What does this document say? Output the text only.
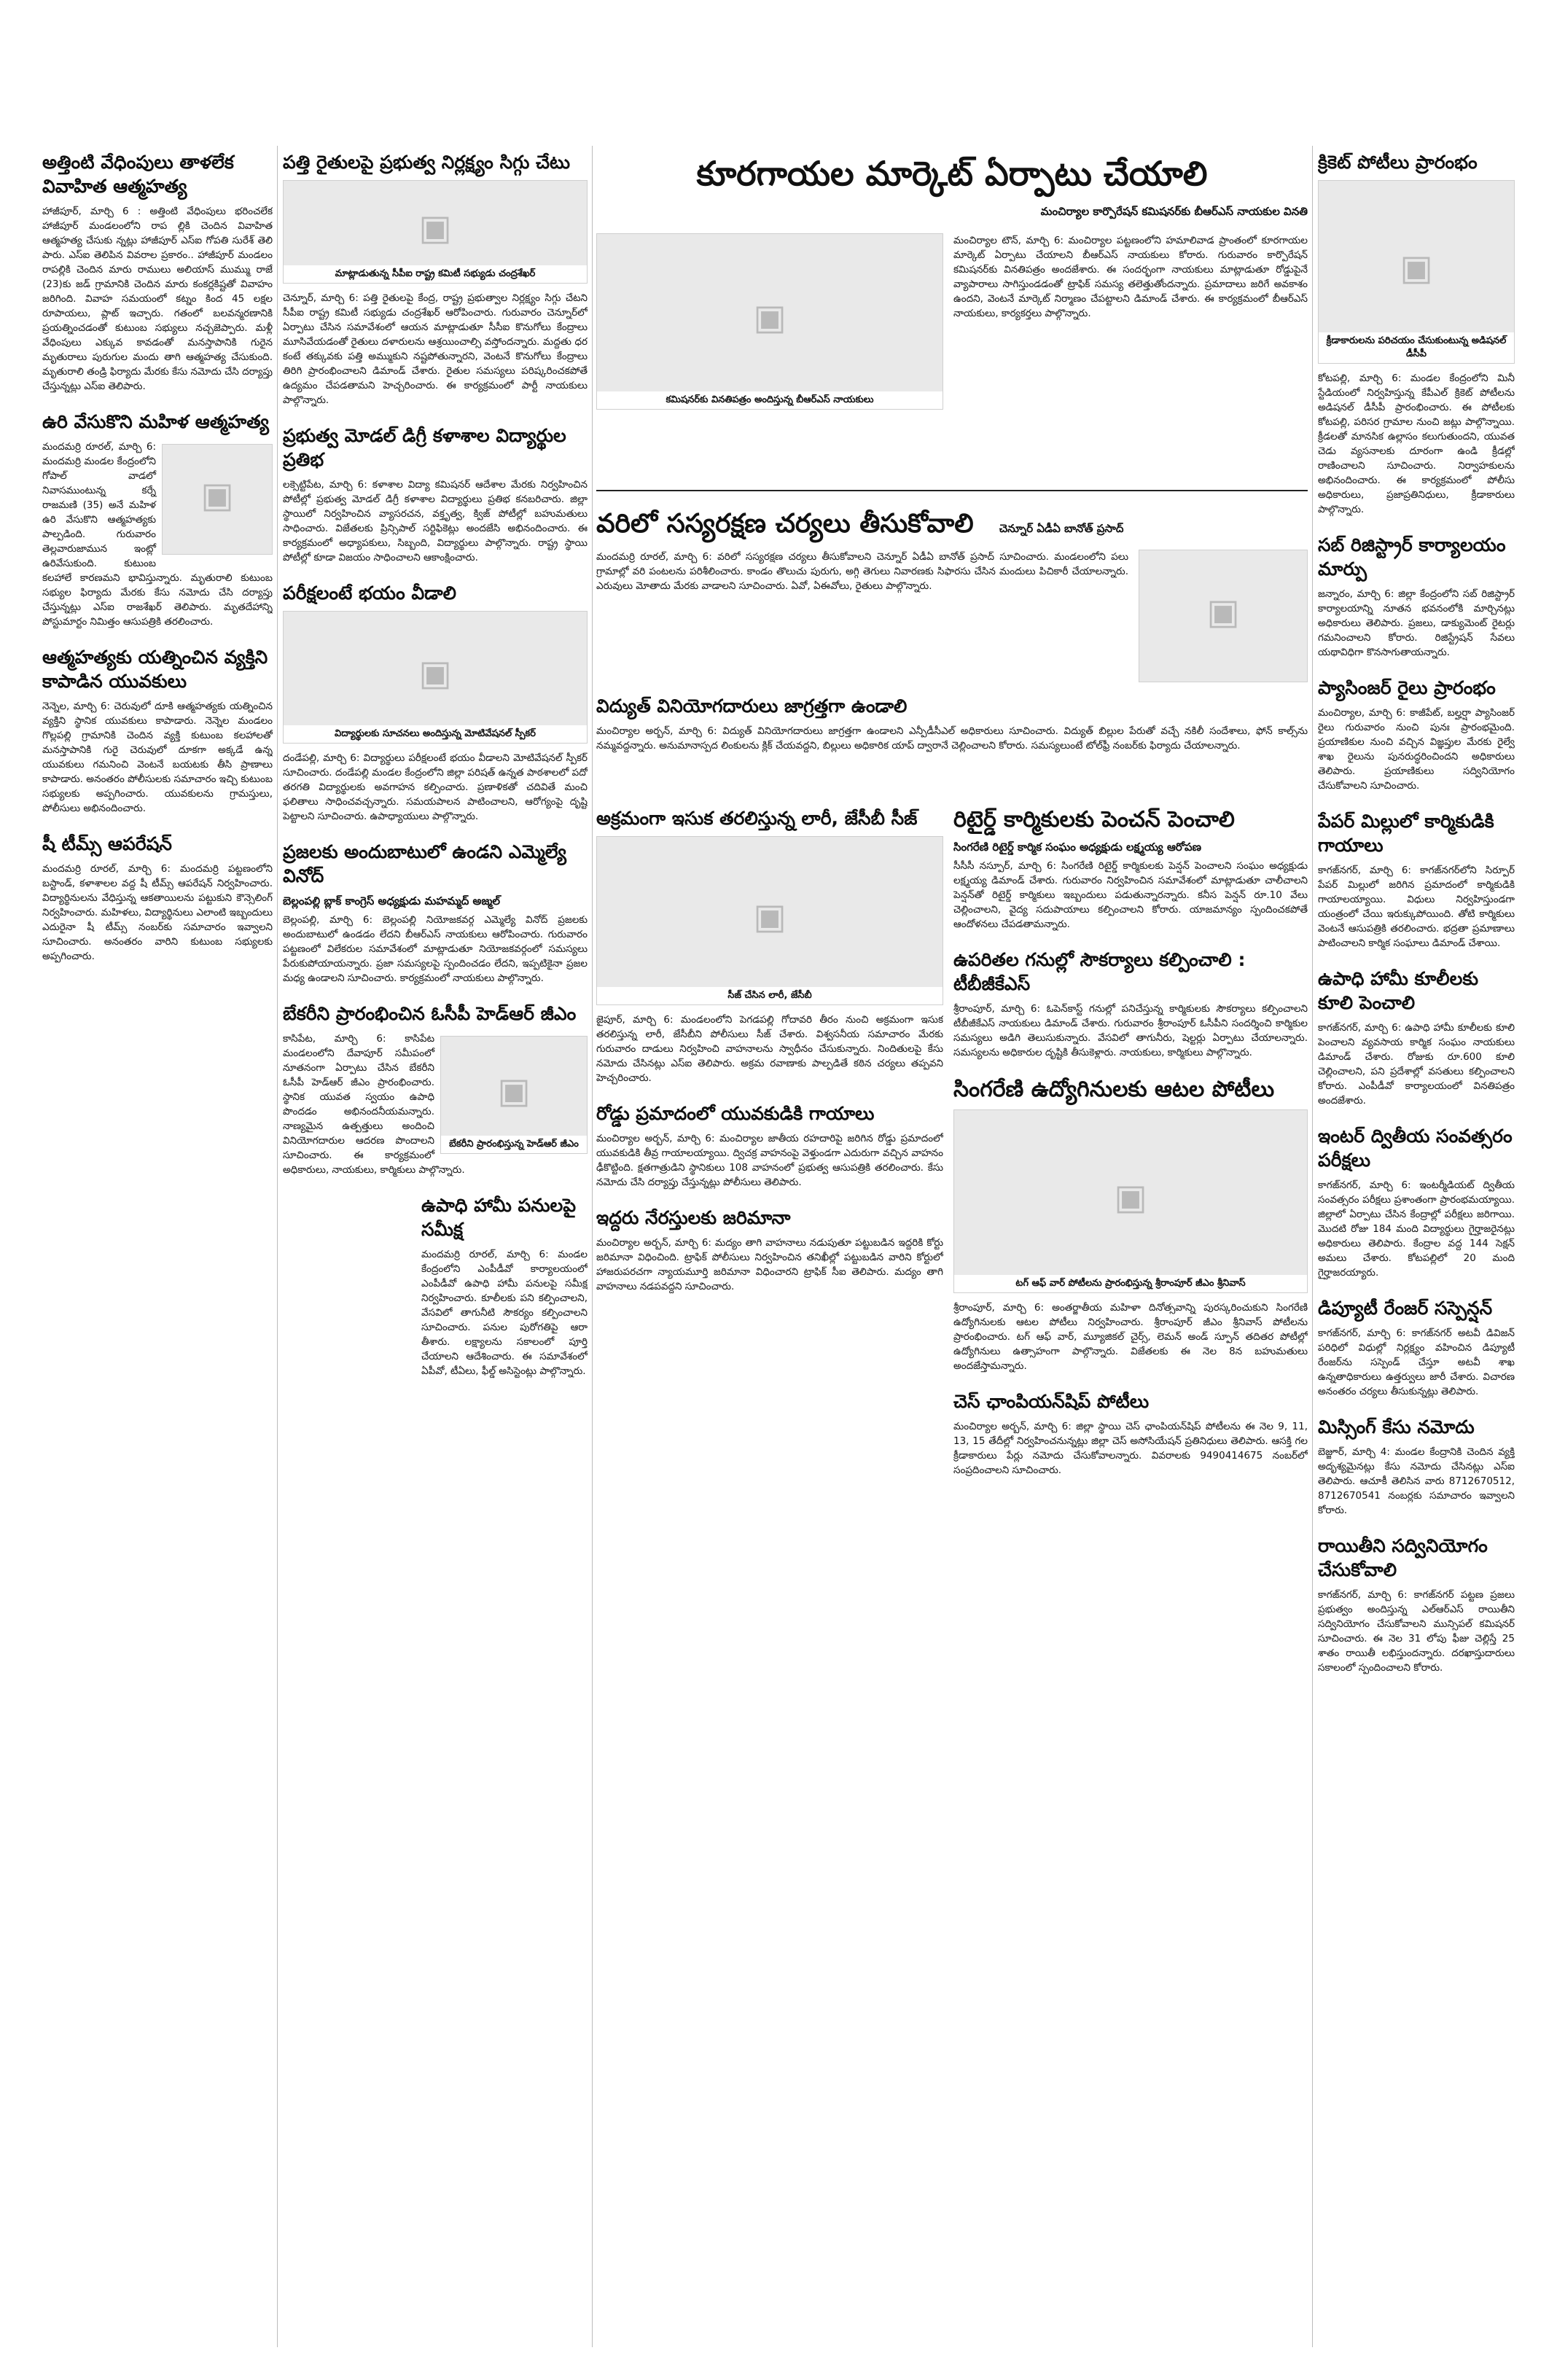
అత్తింటి వేధింపులు తాళలేక వివాహిత ఆత్మహత్య
హాజీపూర్, మార్చి 6 : అత్తింటి వేధింపులు భరించలేక హాజీపూర్ మండలంలోని రాప ల్లికి చెందిన వివాహిత ఆత్మహత్య చేసుకు న్నట్లు హాజీపూర్ ఎస్ఐ గోపతి సురేశ్ తెలి పారు. ఎస్ఐ తెలిపిన వివరాల ప్రకారం.. హాజీపూర్ మండలం రాపల్లికి చెందిన మారు రాములు అలియాస్ ముమ్ము రాజే (23)కు జడ్ గ్రామానికి చెందిన మారు కంకర్లకిష్టతో వివాహం జరిగింది. వివాహ సమయంలో కట్నం కింద 45 లక్షల రూపాయలు, ప్లాట్ ఇచ్చారు. గతంలో బలవన్మరణానికి ప్రయత్నించడంతో కుటుంబ సభ్యులు నచ్చజెప్పారు. మళ్లీ వేధింపులు ఎక్కువ కావడంతో మనస్తాపానికి గురైన మృతురాలు పురుగుల మందు తాగి ఆత్మహత్య చేసుకుంది. మృతురాలి తండ్రి ఫిర్యాదు మేరకు కేసు నమోదు చేసి దర్యాప్తు చేస్తున్నట్లు ఎస్ఐ తెలిపారు.
ఉరి వేసుకొని మహిళ ఆత్మహత్య
▣
మందమర్రి రూరల్, మార్చి 6: మందమర్రి మండల కేంద్రంలోని గోపాల్ వాడలో నివాసముంటున్న కర్నే రాజమణి (35) అనే మహిళ ఉరి వేసుకొని ఆత్మహత్యకు పాల్పడింది. గురువారం తెల్లవారుజామున ఇంట్లో ఉరివేసుకుంది. కుటుంబ కలహాలే కారణమని భావిస్తున్నారు. మృతురాలి కుటుంబ సభ్యుల ఫిర్యాదు మేరకు కేసు నమోదు చేసి దర్యాప్తు చేస్తున్నట్లు ఎస్ఐ రాజశేఖర్ తెలిపారు. మృతదేహాన్ని పోస్టుమార్టం నిమిత్తం ఆసుపత్రికి తరలించారు.
ఆత్మహత్యకు యత్నించిన వ్యక్తిని కాపాడిన యువకులు
నెన్నెల, మార్చి 6: చెరువులో దూకి ఆత్మహత్యకు యత్నించిన వ్యక్తిని స్థానిక యువకులు కాపాడారు. నెన్నెల మండలం గొల్లపల్లి గ్రామానికి చెందిన వ్యక్తి కుటుంబ కలహాలతో మనస్తాపానికి గురై చెరువులో దూకగా అక్కడే ఉన్న యువకులు గమనించి వెంటనే బయటకు తీసి ప్రాణాలు కాపాడారు. అనంతరం పోలీసులకు సమాచారం ఇచ్చి కుటుంబ సభ్యులకు అప్పగించారు. యువకులను గ్రామస్తులు, పోలీసులు అభినందించారు.
షీ టీమ్స్ ఆపరేషన్
మందమర్రి రూరల్, మార్చి 6: మందమర్రి పట్టణంలోని బస్టాండ్, కళాశాలల వద్ద షీ టీమ్స్ ఆపరేషన్ నిర్వహించారు. విద్యార్థినులను వేధిస్తున్న ఆకతాయిలను పట్టుకుని కౌన్సెలింగ్ నిర్వహించారు. మహిళలు, విద్యార్థినులు ఎలాంటి ఇబ్బందులు ఎదురైనా షీ టీమ్స్ నంబర్‌కు సమాచారం ఇవ్వాలని సూచించారు. అనంతరం వారిని కుటుంబ సభ్యులకు అప్పగించారు.
పత్తి రైతులపై ప్రభుత్వ నిర్లక్ష్యం సిగ్గు చేటు
▣
మాట్లాడుతున్న సీపీఐ రాష్ట్ర కమిటీ సభ్యుడు చంద్రశేఖర్
చెన్నూర్, మార్చి 6: పత్తి రైతులపై కేంద్ర, రాష్ట్ర ప్రభుత్వాల నిర్లక్ష్యం సిగ్గు చేటని సీపీఐ రాష్ట్ర కమిటీ సభ్యుడు చంద్రశేఖర్ ఆరోపించారు. గురువారం చెన్నూర్‌లో ఏర్పాటు చేసిన సమావేశంలో ఆయన మాట్లాడుతూ సీసీఐ కొనుగోలు కేంద్రాలు మూసివేయడంతో రైతులు దళారులను ఆశ్రయించాల్సి వస్తోందన్నారు. మద్దతు ధర కంటే తక్కువకు పత్తి అమ్ముకుని నష్టపోతున్నారని, వెంటనే కొనుగోలు కేంద్రాలు తిరిగి ప్రారంభించాలని డిమాండ్ చేశారు. రైతుల సమస్యలు పరిష్కరించకపోతే ఉద్యమం చేపడతామని హెచ్చరించారు. ఈ కార్యక్రమంలో పార్టీ నాయకులు పాల్గొన్నారు.
ప్రభుత్వ మోడల్ డిగ్రీ కళాశాల విద్యార్థుల ప్రతిభ
లక్సెట్టిపేట, మార్చి 6: కళాశాల విద్యా కమిషనర్ ఆదేశాల మేరకు నిర్వహించిన పోటీల్లో ప్రభుత్వ మోడల్ డిగ్రీ కళాశాల విద్యార్థులు ప్రతిభ కనబరిచారు. జిల్లా స్థాయిలో నిర్వహించిన వ్యాసరచన, వక్తృత్వ, క్విజ్ పోటీల్లో బహుమతులు సాధించారు. విజేతలకు ప్రిన్సిపాల్ సర్టిఫికెట్లు అందజేసి అభినందించారు. ఈ కార్యక్రమంలో అధ్యాపకులు, సిబ్బంది, విద్యార్థులు పాల్గొన్నారు. రాష్ట్ర స్థాయి పోటీల్లో కూడా విజయం సాధించాలని ఆకాంక్షించారు.
పరీక్షలంటే భయం వీడాలి
▣
విద్యార్థులకు సూచనలు అందిస్తున్న మోటివేషనల్ స్పీకర్
దండేపల్లి, మార్చి 6: విద్యార్థులు పరీక్షలంటే భయం వీడాలని మోటివేషనల్ స్పీకర్ సూచించారు. దండేపల్లి మండల కేంద్రంలోని జిల్లా పరిషత్ ఉన్నత పాఠశాలలో పదో తరగతి విద్యార్థులకు అవగాహన కల్పించారు. ప్రణాళికతో చదివితే మంచి ఫలితాలు సాధించవచ్చన్నారు. సమయపాలన పాటించాలని, ఆరోగ్యంపై దృష్టి పెట్టాలని సూచించారు. ఉపాధ్యాయులు పాల్గొన్నారు.
ప్రజలకు అందుబాటులో ఉండని ఎమ్మెల్యే వినోద్
బెల్లంపల్లి బ్లాక్ కాంగ్రెస్ అధ్యక్షుడు మహమ్మద్ అజ్మల్
బెల్లంపల్లి, మార్చి 6: బెల్లంపల్లి నియోజకవర్గ ఎమ్మెల్యే వినోద్ ప్రజలకు అందుబాటులో ఉండడం లేదని బీఆర్ఎస్ నాయకులు ఆరోపించారు. గురువారం పట్టణంలో విలేకరుల సమావేశంలో మాట్లాడుతూ నియోజకవర్గంలో సమస్యలు పేరుకుపోయాయన్నారు. ప్రజా సమస్యలపై స్పందించడం లేదని, ఇప్పటికైనా ప్రజల మధ్య ఉండాలని సూచించారు. కార్యక్రమంలో నాయకులు పాల్గొన్నారు.
బేకరీని ప్రారంభించిన ఓసీపీ హెడ్‌ఆర్ జీఎం
▣
బేకరీని ప్రారంభిస్తున్న హెడ్ఆర్ జీఎం
కాసిపేట, మార్చి 6: కాసిపేట మండలంలోని దేవాపూర్ సమీపంలో నూతనంగా ఏర్పాటు చేసిన బేకరీని ఓసీపీ హెడ్ఆర్ జీఎం ప్రారంభించారు. స్థానిక యువత స్వయం ఉపాధి పొందడం అభినందనీయమన్నారు. నాణ్యమైన ఉత్పత్తులు అందించి వినియోగదారుల ఆదరణ పొందాలని సూచించారు. ఈ కార్యక్రమంలో అధికారులు, నాయకులు, కార్మికులు పాల్గొన్నారు.
ఉపాధి హామీ పనులపై సమీక్ష
మందమర్రి రూరల్, మార్చి 6: మండల కేంద్రంలోని ఎంపీడీవో కార్యాలయంలో ఎంపీడీవో ఉపాధి హామీ పనులపై సమీక్ష నిర్వహించారు. కూలీలకు పని కల్పించాలని, వేసవిలో తాగునీటి సౌకర్యం కల్పించాలని సూచించారు. పనుల పురోగతిపై ఆరా తీశారు. లక్ష్యాలను సకాలంలో పూర్తి చేయాలని ఆదేశించారు. ఈ సమావేశంలో ఏపీవో, టీఏలు, ఫీల్డ్ అసిస్టెంట్లు పాల్గొన్నారు.
కూరగాయల మార్కెట్ ఏర్పాటు చేయాలి
మంచిర్యాల కార్పొరేషన్ కమిషనర్‌కు బీఆర్ఎస్ నాయకుల వినతి
▣
కమిషనర్‌కు వినతిపత్రం అందిస్తున్న బీఆర్ఎస్ నాయకులు
మంచిర్యాల టౌన్, మార్చి 6: మంచిర్యాల పట్టణంలోని హమాలివాడ ప్రాంతంలో కూరగాయల మార్కెట్ ఏర్పాటు చేయాలని బీఆర్ఎస్ నాయకులు కోరారు. గురువారం కార్పొరేషన్ కమిషనర్‌కు వినతిపత్రం అందజేశారు. ఈ సందర్భంగా నాయకులు మాట్లాడుతూ రోడ్డుపైనే వ్యాపారాలు సాగిస్తుండడంతో ట్రాఫిక్ సమస్య తలెత్తుతోందన్నారు. ప్రమాదాలు జరిగే అవకాశం ఉందని, వెంటనే మార్కెట్ నిర్మాణం చేపట్టాలని డిమాండ్ చేశారు. ఈ కార్యక్రమంలో బీఆర్ఎస్ నాయకులు, కార్యకర్తలు పాల్గొన్నారు.
వరిలో సస్యరక్షణ చర్యలు తీసుకోవాలి చెన్నూర్ ఏడీఏ బానోత్ ప్రసాద్
మందమర్రి రూరల్, మార్చి 6: వరిలో సస్యరక్షణ చర్యలు తీసుకోవాలని చెన్నూర్ ఏడీఏ బానోత్ ప్రసాద్ సూచించారు. మండలంలోని పలు గ్రామాల్లో వరి పంటలను పరిశీలించారు. కాండం తొలుచు పురుగు, అగ్గి తెగులు నివారణకు సిఫారసు చేసిన మందులు పిచికారీ చేయాలన్నారు. ఎరువులు మోతాదు మేరకు వాడాలని సూచించారు. ఏవో, ఏఈవోలు, రైతులు పాల్గొన్నారు.
▣
విద్యుత్ వినియోగదారులు జాగ్రత్తగా ఉండాలి
మంచిర్యాల అర్బన్, మార్చి 6: విద్యుత్ వినియోగదారులు జాగ్రత్తగా ఉండాలని ఎన్పీడీసీఎల్ అధికారులు సూచించారు. విద్యుత్ బిల్లుల పేరుతో వచ్చే నకిలీ సందేశాలు, ఫోన్ కాల్స్‌ను నమ్మవద్దన్నారు. అనుమానాస్పద లింకులను క్లిక్ చేయవద్దని, బిల్లులు అధికారిక యాప్ ద్వారానే చెల్లించాలని కోరారు. సమస్యలుంటే టోల్‌ఫ్రీ నంబర్‌కు ఫిర్యాదు చేయాలన్నారు.
అక్రమంగా ఇసుక తరలిస్తున్న లారీ, జేసీబీ సీజ్
▣
సీజ్ చేసిన లారీ, జేసీబీ
జైపూర్, మార్చి 6: మండలంలోని పెగడపల్లి గోదావరి తీరం నుంచి అక్రమంగా ఇసుక తరలిస్తున్న లారీ, జేసీబీని పోలీసులు సీజ్ చేశారు. విశ్వసనీయ సమాచారం మేరకు గురువారం దాడులు నిర్వహించి వాహనాలను స్వాధీనం చేసుకున్నారు. నిందితులపై కేసు నమోదు చేసినట్లు ఎస్ఐ తెలిపారు. అక్రమ రవాణాకు పాల్పడితే కఠిన చర్యలు తప్పవని హెచ్చరించారు.
రోడ్డు ప్రమాదంలో యువకుడికి గాయాలు
మంచిర్యాల అర్బన్, మార్చి 6: మంచిర్యాల జాతీయ రహదారిపై జరిగిన రోడ్డు ప్రమాదంలో యువకుడికి తీవ్ర గాయాలయ్యాయి. ద్విచక్ర వాహనంపై వెళ్తుండగా ఎదురుగా వచ్చిన వాహనం ఢీకొట్టింది. క్షతగాత్రుడిని స్థానికులు 108 వాహనంలో ప్రభుత్వ ఆసుపత్రికి తరలించారు. కేసు నమోదు చేసి దర్యాప్తు చేస్తున్నట్లు పోలీసులు తెలిపారు.
ఇద్దరు నేరస్తులకు జరిమానా
మంచిర్యాల అర్బన్, మార్చి 6: మద్యం తాగి వాహనాలు నడుపుతూ పట్టుబడిన ఇద్దరికి కోర్టు జరిమానా విధించింది. ట్రాఫిక్ పోలీసులు నిర్వహించిన తనిఖీల్లో పట్టుబడిన వారిని కోర్టులో హాజరుపరచగా న్యాయమూర్తి జరిమానా విధించారని ట్రాఫిక్ సీఐ తెలిపారు. మద్యం తాగి వాహనాలు నడపవద్దని సూచించారు.
రిటైర్డ్ కార్మికులకు పెంచన్ పెంచాలి
సింగరేణి రిటైర్డ్ కార్మిక సంఘం అధ్యక్షుడు లక్ష్మయ్య ఆరోపణ
సీసీసీ నస్పూర్, మార్చి 6: సింగరేణి రిటైర్డ్ కార్మికులకు పెన్షన్ పెంచాలని సంఘం అధ్యక్షుడు లక్ష్మయ్య డిమాండ్ చేశారు. గురువారం నిర్వహించిన సమావేశంలో మాట్లాడుతూ చాలీచాలని పెన్షన్‌తో రిటైర్డ్ కార్మికులు ఇబ్బందులు పడుతున్నారన్నారు. కనీస పెన్షన్ రూ.10 వేలు చెల్లించాలని, వైద్య సదుపాయాలు కల్పించాలని కోరారు. యాజమాన్యం స్పందించకపోతే ఆందోళనలు చేపడతామన్నారు.
ఉపరితల గనుల్లో సౌకర్యాలు కల్పించాలి : టీబీజీకేఎస్
శ్రీరాంపూర్, మార్చి 6: ఓపెన్‌కాస్ట్ గనుల్లో పనిచేస్తున్న కార్మికులకు సౌకర్యాలు కల్పించాలని టీబీజీకేఎస్ నాయకులు డిమాండ్ చేశారు. గురువారం శ్రీరాంపూర్ ఓసీపీని సందర్శించి కార్మికుల సమస్యలు అడిగి తెలుసుకున్నారు. వేసవిలో తాగునీరు, షెల్టర్లు ఏర్పాటు చేయాలన్నారు. సమస్యలను అధికారుల దృష్టికి తీసుకెళ్లారు. నాయకులు, కార్మికులు పాల్గొన్నారు.
సింగరేణి ఉద్యోగినులకు ఆటల పోటీలు
▣
టగ్ ఆఫ్ వార్ పోటీలను ప్రారంభిస్తున్న శ్రీరాంపూర్ జీఎం శ్రీనివాస్
శ్రీరాంపూర్, మార్చి 6: అంతర్జాతీయ మహిళా దినోత్సవాన్ని పురస్కరించుకుని సింగరేణి ఉద్యోగినులకు ఆటల పోటీలు నిర్వహించారు. శ్రీరాంపూర్ జీఎం శ్రీనివాస్ పోటీలను ప్రారంభించారు. టగ్ ఆఫ్ వార్, మ్యూజికల్ చైర్స్, లెమన్ అండ్ స్పూన్ తదితర పోటీల్లో ఉద్యోగినులు ఉత్సాహంగా పాల్గొన్నారు. విజేతలకు ఈ నెల 8న బహుమతులు అందజేస్తామన్నారు.
చెస్ ఛాంపియన్‌షిప్ పోటీలు
మంచిర్యాల అర్బన్, మార్చి 6: జిల్లా స్థాయి చెస్ ఛాంపియన్‌షిప్ పోటీలను ఈ నెల 9, 11, 13, 15 తేదీల్లో నిర్వహించనున్నట్లు జిల్లా చెస్ అసోసియేషన్ ప్రతినిధులు తెలిపారు. ఆసక్తి గల క్రీడాకారులు పేర్లు నమోదు చేసుకోవాలన్నారు. వివరాలకు 9490414675 నంబర్‌లో సంప్రదించాలని సూచించారు.
క్రికెట్ పోటీలు ప్రారంభం
▣
క్రీడాకారులను పరిచయం చేసుకుంటున్న అడిషనల్ డీసీపీ
కోటపల్లి, మార్చి 6: మండల కేంద్రంలోని మినీ స్టేడియంలో నిర్వహిస్తున్న కేపీఎల్ క్రికెట్ పోటీలను అడిషనల్ డీసీపీ ప్రారంభించారు. ఈ పోటీలకు కోటపల్లి, పరిసర గ్రామాల నుంచి జట్లు పాల్గొన్నాయి. క్రీడలతో మానసిక ఉల్లాసం కలుగుతుందని, యువత చెడు వ్యసనాలకు దూరంగా ఉండి క్రీడల్లో రాణించాలని సూచించారు. నిర్వాహకులను అభినందించారు. ఈ కార్యక్రమంలో పోలీసు అధికారులు, ప్రజాప్రతినిధులు, క్రీడాకారులు పాల్గొన్నారు.
సబ్ రిజిస్ట్రార్ కార్యాలయం మార్పు
జన్నారం, మార్చి 6: జిల్లా కేంద్రంలోని సబ్ రిజిస్ట్రార్ కార్యాలయాన్ని నూతన భవనంలోకి మార్చినట్లు అధికారులు తెలిపారు. ప్రజలు, డాక్యుమెంట్ రైటర్లు గమనించాలని కోరారు. రిజిస్ట్రేషన్ సేవలు యథావిధిగా కొనసాగుతాయన్నారు.
ప్యాసింజర్ రైలు ప్రారంభం
మంచిర్యాల, మార్చి 6: కాజీపేట్, బల్హర్షా ప్యాసింజర్ రైలు గురువారం నుంచి పునః ప్రారంభమైంది. ప్రయాణికుల నుంచి వచ్చిన విజ్ఞప్తుల మేరకు రైల్వే శాఖ రైలును పునరుద్ధరించిందని అధికారులు తెలిపారు. ప్రయాణికులు సద్వినియోగం చేసుకోవాలని సూచించారు.
పేపర్ మిల్లులో కార్మికుడికి గాయాలు
కాగజ్‌నగర్, మార్చి 6: కాగజ్‌నగర్‌లోని సిర్పూర్ పేపర్ మిల్లులో జరిగిన ప్రమాదంలో కార్మికుడికి గాయాలయ్యాయి. విధులు నిర్వహిస్తుండగా యంత్రంలో చేయి ఇరుక్కుపోయింది. తోటి కార్మికులు వెంటనే ఆసుపత్రికి తరలించారు. భద్రతా ప్రమాణాలు పాటించాలని కార్మిక సంఘాలు డిమాండ్ చేశాయి.
ఉపాధి హామీ కూలీలకు కూలి పెంచాలి
కాగజ్‌నగర్, మార్చి 6: ఉపాధి హామీ కూలీలకు కూలి పెంచాలని వ్యవసాయ కార్మిక సంఘం నాయకులు డిమాండ్ చేశారు. రోజుకు రూ.600 కూలి చెల్లించాలని, పని ప్రదేశాల్లో వసతులు కల్పించాలని కోరారు. ఎంపీడీవో కార్యాలయంలో వినతిపత్రం అందజేశారు.
ఇంటర్ ద్వితీయ సంవత్సరం పరీక్షలు
కాగజ్‌నగర్, మార్చి 6: ఇంటర్మీడియట్ ద్వితీయ సంవత్సరం పరీక్షలు ప్రశాంతంగా ప్రారంభమయ్యాయి. జిల్లాలో ఏర్పాటు చేసిన కేంద్రాల్లో పరీక్షలు జరిగాయి. మొదటి రోజు 184 మంది విద్యార్థులు గైర్హాజరైనట్లు అధికారులు తెలిపారు. కేంద్రాల వద్ద 144 సెక్షన్ అమలు చేశారు. కోటపల్లిలో 20 మంది గైర్హాజరయ్యారు.
డిప్యూటీ రేంజర్ సస్పెన్షన్
కాగజ్‌నగర్, మార్చి 6: కాగజ్‌నగర్ అటవీ డివిజన్ పరిధిలో విధుల్లో నిర్లక్ష్యం వహించిన డిప్యూటీ రేంజర్‌ను సస్పెండ్ చేస్తూ అటవీ శాఖ ఉన్నతాధికారులు ఉత్తర్వులు జారీ చేశారు. విచారణ అనంతరం చర్యలు తీసుకున్నట్లు తెలిపారు.
మిస్సింగ్ కేసు నమోదు
బెజ్జూర్, మార్చి 4: మండల కేంద్రానికి చెందిన వ్యక్తి అదృశ్యమైనట్లు కేసు నమోదు చేసినట్లు ఎస్ఐ తెలిపారు. ఆచూకీ తెలిసిన వారు 8712670512, 8712670541 నంబర్లకు సమాచారం ఇవ్వాలని కోరారు.
రాయితీని సద్వినియోగం చేసుకోవాలి
కాగజ్‌నగర్, మార్చి 6: కాగజ్‌నగర్ పట్టణ ప్రజలు ప్రభుత్వం అందిస్తున్న ఎల్ఆర్ఎస్ రాయితీని సద్వినియోగం చేసుకోవాలని మున్సిపల్ కమిషనర్ సూచించారు. ఈ నెల 31 లోపు ఫీజు చెల్లిస్తే 25 శాతం రాయితీ లభిస్తుందన్నారు. దరఖాస్తుదారులు సకాలంలో స్పందించాలని కోరారు.
